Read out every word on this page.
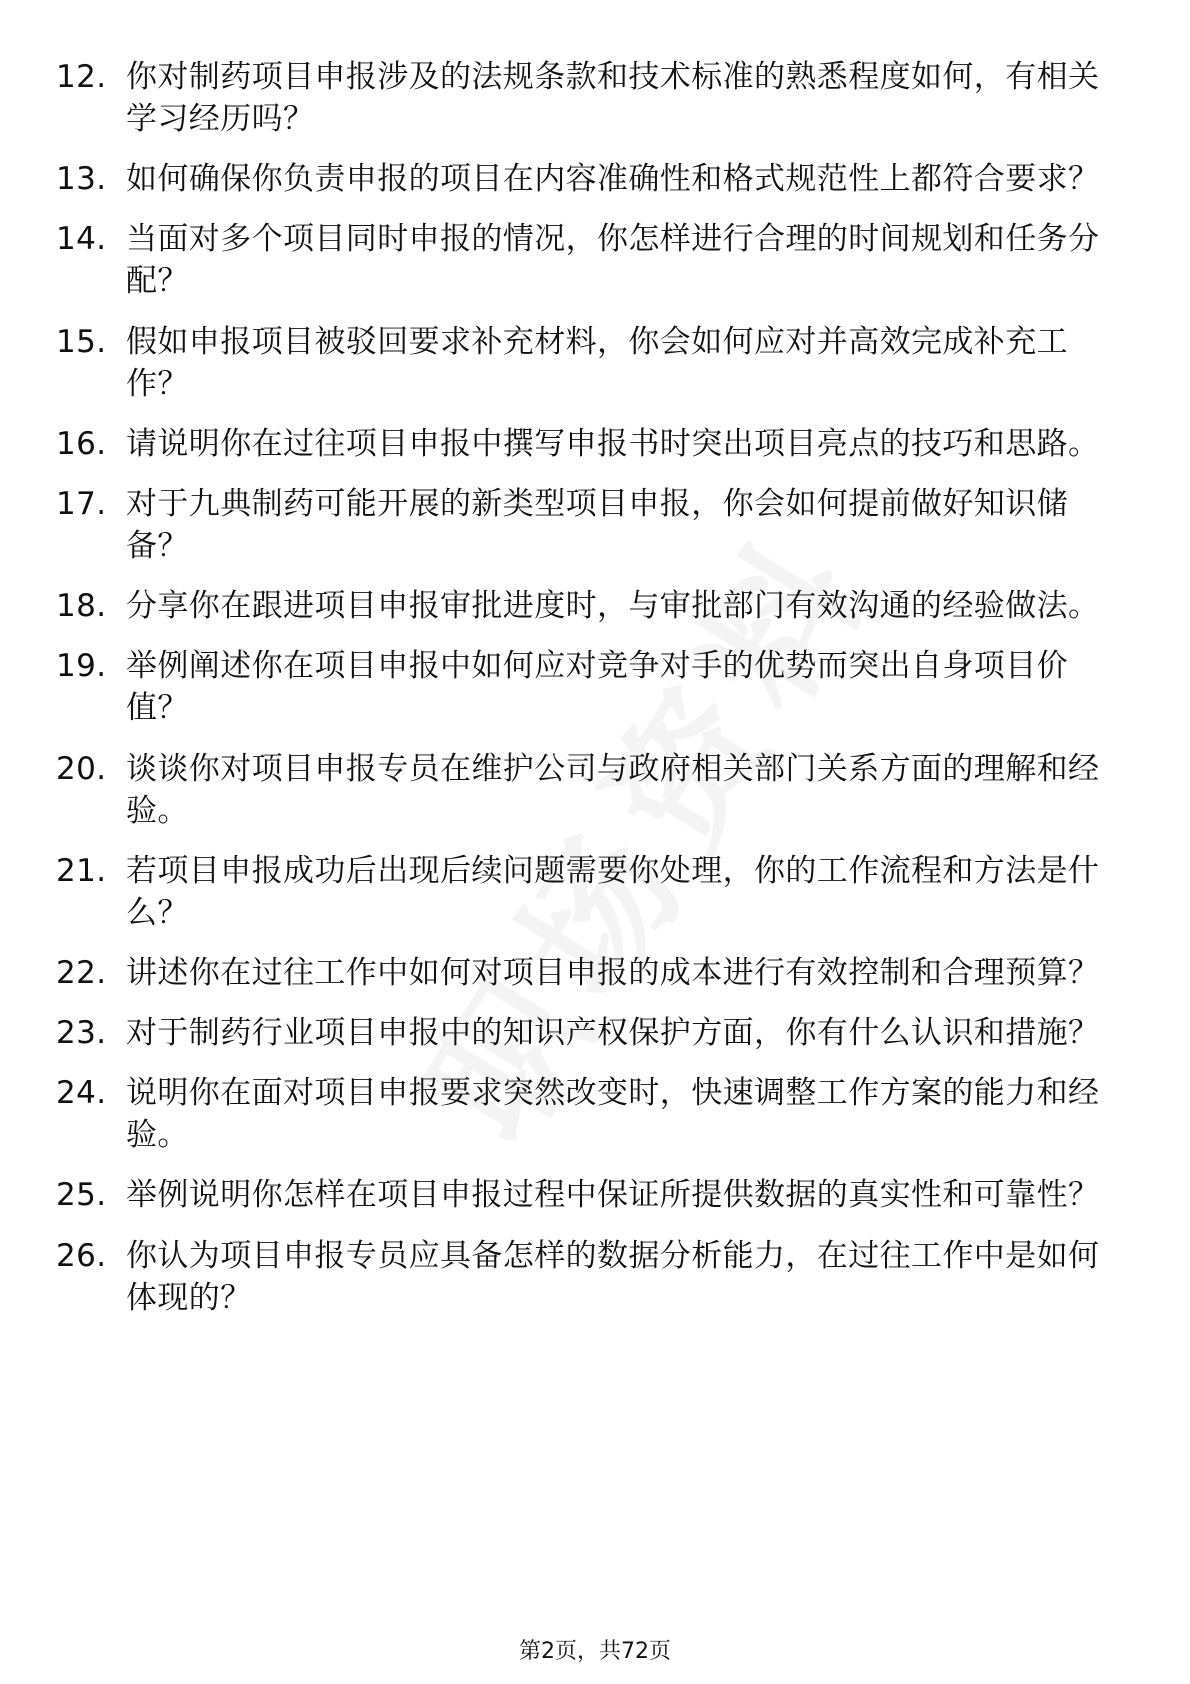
12. 你对制药项目申报涉及的法规条款和技术标准的熟悉程度如何，有相关学习经历吗？
13. 如何确保你负责申报的项目在内容准确性和格式规范性上都符合要求？
14. 当面对多个项目同时申报的情况，你怎样进行合理的时间规划和任务分配？
15. 假如申报项目被驳回要求补充材料，你会如何应对并高效完成补充工作？
16. 请说明你在过往项目申报中撰写申报书时突出项目亮点的技巧和思路。
17. 对于九典制药可能开展的新类型项目申报，你会如何提前做好知识储备？
18. 分享你在跟进项目申报审批进度时，与审批部门有效沟通的经验做法。
19. 举例阐述你在项目申报中如何应对竞争对手的优势而突出自身项目价值？
20. 谈谈你对项目申报专员在维护公司与政府相关部门关系方面的理解和经验。
21. 若项目申报成功后出现后续问题需要你处理，你的工作流程和方法是什么？
22. 讲述你在过往工作中如何对项目申报的成本进行有效控制和合理预算？
23. 对于制药行业项目申报中的知识产权保护方面，你有什么认识和措施？
24. 说明你在面对项目申报要求突然改变时，快速调整工作方案的能力和经验。
25. 举例说明你怎样在项目申报过程中保证所提供数据的真实性和可靠性？
26. 你认为项目申报专员应具备怎样的数据分析能力，在过往工作中是如何体现的？
第2页，共72页
